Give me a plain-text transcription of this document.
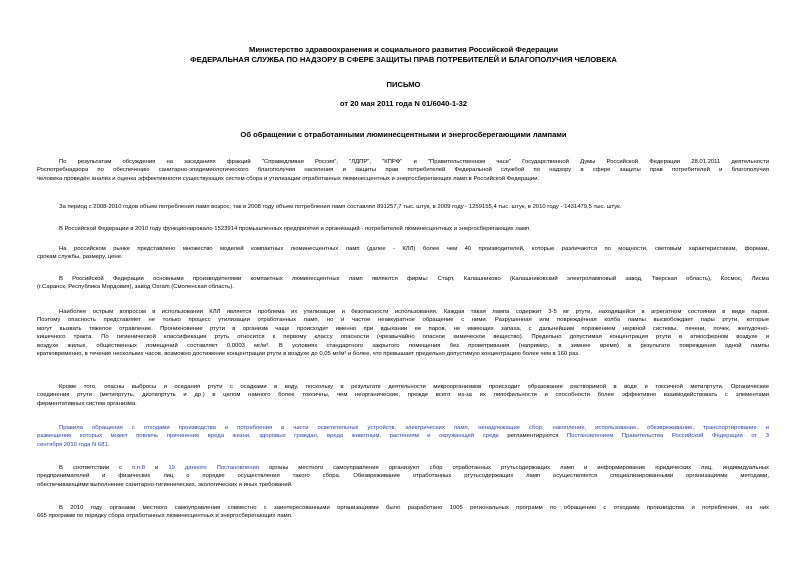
Министерство здравоохранения и социального развития Российской Федерации
ФЕДЕРАЛЬНАЯ СЛУЖБА ПО НАДЗОРУ В СФЕРЕ ЗАЩИТЫ ПРАВ ПОТРЕБИТЕЛЕЙ И БЛАГОПОЛУЧИЯ ЧЕЛОВЕКА
ПИСЬМО
от 20 мая 2011 года N 01/6040-1-32
Об обращении с отработанными люминесцентными и энергосберегающими лампами
По результатам обсуждения на заседаниях фракций "Справедливая Россия", "ЛДПР", "КПРФ" и "Правительственном часе" Государственной Думы Российской Федерации 28.01.2011 деятельности
Роспотребнадзора по обеспечению санитарно-эпидемиологического благополучия населения и защиты прав потребителей Федеральной службой по надзору в сфере защиты прав потребителей и благополучия
человека проведён анализ и оценка эффективности существующих систем сбора и утилизации отработанных люминесцентных и энергосберегающих ламп в Российской Федерации.
За период с 2008-2010 годов объем потребления ламп возрос, так в 2008 году объем потребления ламп составлял 891257,7 тыс. штук, в 2009 году - 1259155,4 тыс. штук, в 2010 году - 1431479,5 тыс. штук.
В Российской Федерации в 2010 году функционировало 1523914 промышленных предприятия и организаций - потребителей люминесцентных и энергосберегающих ламп.
На российском рынке представлено множество моделей компактных люминесцентных ламп (далее - КЛЛ) более чем 40 производителей, которые различаются по мощности, световым характеристикам, формам,
срокам службы, размеру, цене.
В Российской Федерации основными производителями компактных люминесцентных ламп являются фирмы: Старт, Калашниково (Калашниковский электроламповый завод, Тверская область), Космос, Лисма
(г.Саранск, Республика Мордовия), завод Osram (Смоленская область).
Наиболее острым вопросом в использовании КЛЛ является проблема их утилизации и безопасности использования. Каждая такая лампа содержит 3-5 мг ртути, находящейся в агрегатном состоянии в виде паров.
Поэтому опасность представляет не только процесс утилизации отработанных ламп, но и частое неаккуратное обращение с ними. Разрушенная или повреждённая колба лампы высвобождает пары ртути, которые
могут вызвать тяжелое отравление. Проникновение ртути в организм чаще происходит именно при вдыхании ее паров, не имеющих запаха, с дальнейшим поражением нервной системы, печени, почек, желудочно-
кишечного тракта. По гигиенической классификации ртуть относится к первому классу опасности (чрезвычайно опасное химическое вещество). Предельно допустимая концентрация ртути в атмосферном воздухе и
воздухе жилых, общественных помещений составляет 0,0003 мг/м³. В условиях стандартного закрытого помещения без проветривания (например, в зимнее время) в результате повреждения одной лампы
кратковременно, в течение нескольких часов, возможно достижение концентрации ртути в воздухе до 0,05 мг/м³ и более, что превышает предельно допустимую концентрацию более чем в 160 раз.
Кроме того, опасны выбросы и оседания ртути с осадками в воду, поскольку в результате деятельности микроорганизмов происходит образование растворимой в воде и токсичной метилртути. Органические
соединения ртути (метилртуть, диэтилртуть и др.) в целом намного более токсичны, чем неорганические, прежде всего из-за их липофильности и способности более эффективно взаимодействовать с элементами
ферментативных систем организма.
Правила обращения с отходами производства и потребления в части осветительных устройств, электрических ламп, ненадлежащие сбор, накопление, использование, обезвреживание, транспортирование и
размещение которых может повлечь причинение вреда жизни, здоровью граждан, вреда животным, растениям и окружающей среде регламентируются Постановлением Правительства Российской Федерации от 3
сентября 2010 года N 681.
В соответствии с п.п.8 и 19 данного Постановления органы местного самоуправления организуют сбор отработанных ртутьсодержащих ламп и информирование юридических лиц, индивидуальных
предпринимателей и физических лиц о порядке осуществления такого сбора. Обезвреживание отработанных ртутьсодержащих ламп осуществляется специализированными организациями методами,
обеспечивающими выполнение санитарно-гигиенических, экологических и иных требований.
В 2010 году органами местного самоуправления совместно с заинтересованными организациями было разработано 1005 региональных программ по обращению с отходами производства и потребления, из них
665 программ по порядку сбора отработанных люминесцентных и энергосберегающих ламп.
